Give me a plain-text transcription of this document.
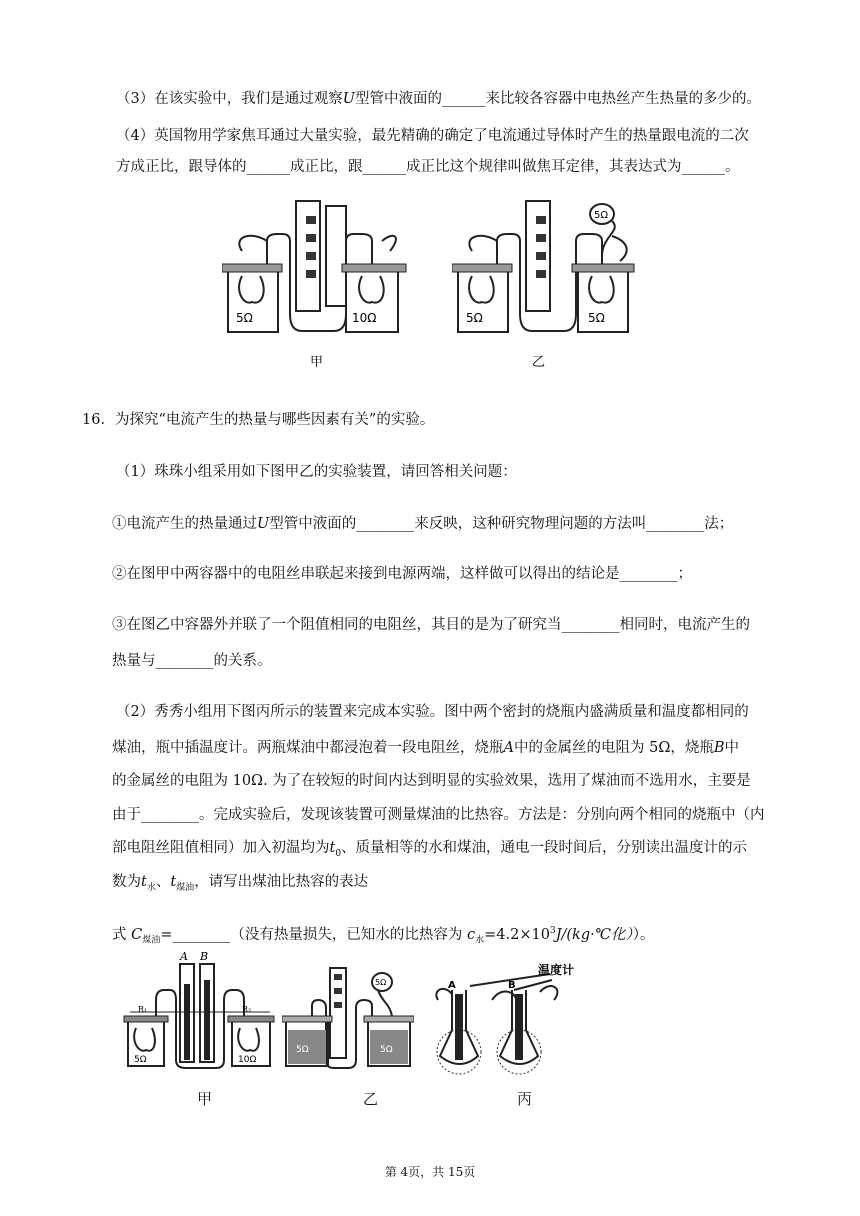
（3）在该实验中，我们是通过观察U型管中液面的______来比较各容器中电热丝产生热量的多少的。
（4）英国物用学家焦耳通过大量实验，最先精确的确定了电流通过导体时产生的热量跟电流的二次
方成正比，跟导体的______成正比，跟______成正比这个规律叫做焦耳定律，其表达式为______。
5Ω	10Ω
甲
5Ω
5Ω	5Ω
乙
16. 为探究“电流产生的热量与哪些因素有关”的实验。
（1）珠珠小组采用如下图甲乙的实验装置，请回答相关问题：
①电流产生的热量通过U型管中液面的________来反映，这种研究物理问题的方法叫________法；
②在图甲中两容器中的电阻丝串联起来接到电源两端，这样做可以得出的结论是________；
③在图乙中容器外并联了一个阻值相同的电阻丝，其目的是为了研究当________相同时，电流产生的
热量与________的关系。
（2）秀秀小组用下图丙所示的装置来完成本实验。图中两个密封的烧瓶内盛满质量和温度都相同的
煤油，瓶中插温度计。两瓶煤油中都浸泡着一段电阻丝，烧瓶A中的金属丝的电阻为 5Ω，烧瓶B中
的金属丝的电阻为 10Ω. 为了在较短的时间内达到明显的实验效果，选用了煤油而不选用水，主要是
由于________。完成实验后，发现该装置可测量煤油的比热容。方法是：分别向两个相同的烧瓶中（内
部电阻丝阻值相同）加入初温均为$t_0$、质量相等的水和煤油，通电一段时间后，分别读出温度计的示
数为$t_水$、$t_{煤油}$，请写出煤油比热容的表达
式 $C_{煤油}=\_\_\_\_\_\_\_\_$（没有热量损失，已知水的比热容为 $c_水=4.2\times 10^3J/(kg\cdot℃$化））。
A B
R₁	R₂
5Ω	10Ω
甲
5Ω
5Ω	5Ω
乙
A	B
温度计
丙
第 4页，共 15页
